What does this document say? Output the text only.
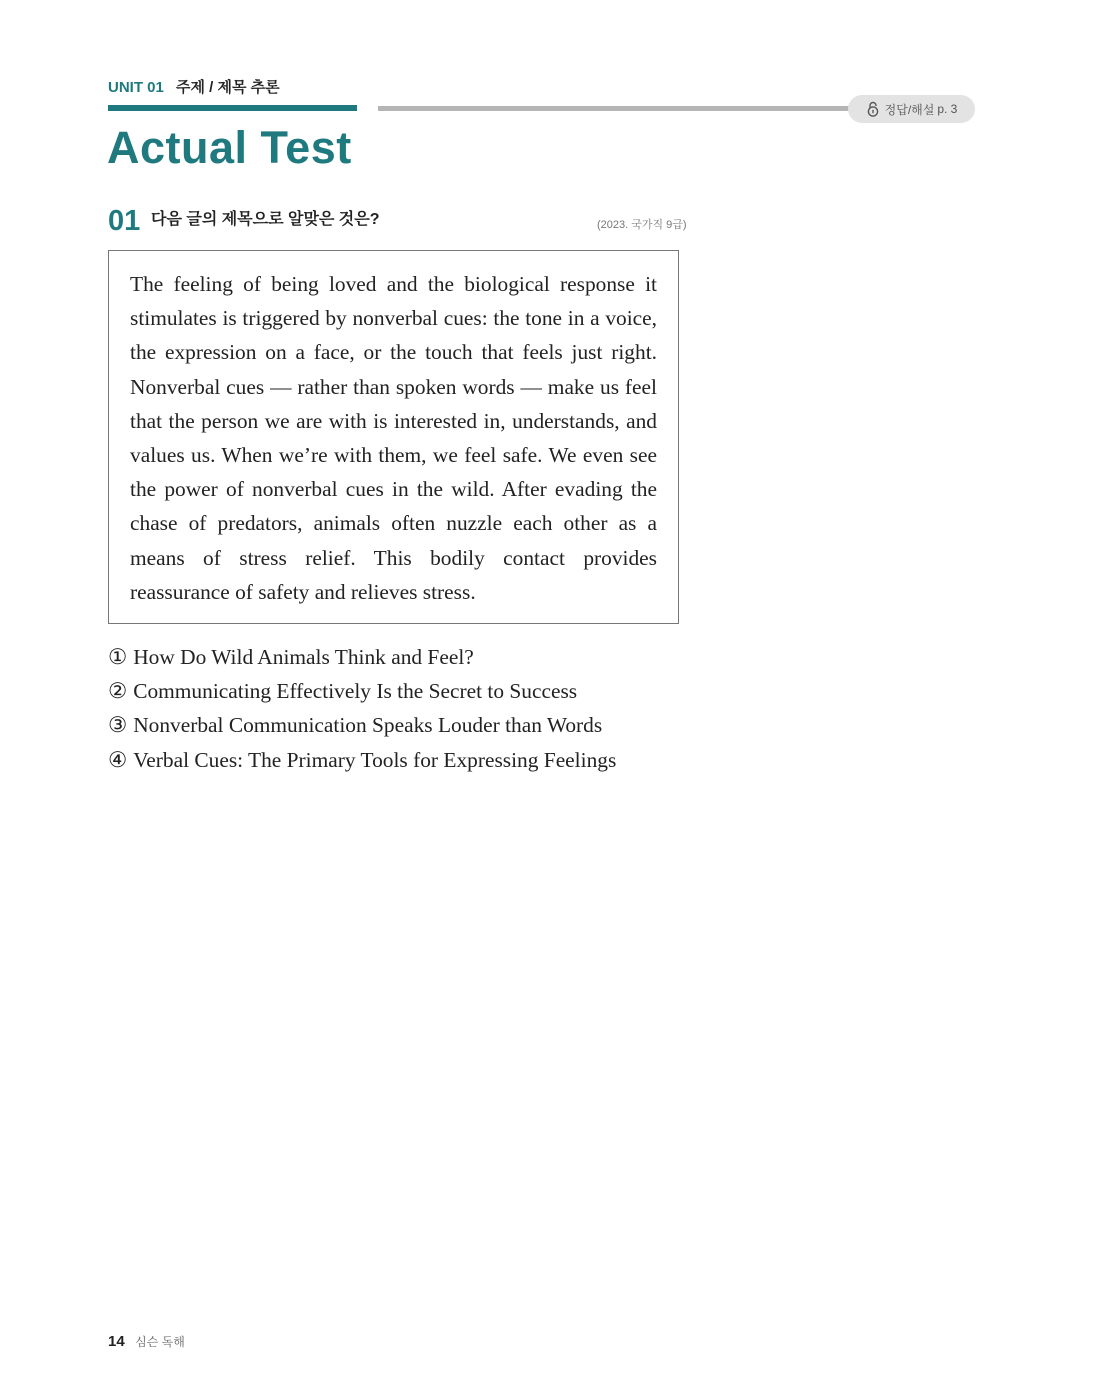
UNIT 01 주제 / 제목 추론
정답/해설 p. 3
Actual Test
01 다음 글의 제목으로 알맞은 것은?	(2023. 국가직 9급)

The feeling of being loved and the biological response it stimulates is triggered by nonverbal cues: the tone in a voice, the expression on a face, or the touch that feels just right. Nonverbal cues — rather than spoken words — make us feel that the person we are with is interested in, understands, and values us. When we’re with them, we feel safe. We even see the power of nonverbal cues in the wild. After evading the chase of predators, animals often nuzzle each other as a means of stress relief. This bodily contact provides reassurance of safety and relieves stress.

① How Do Wild Animals Think and Feel?
② Communicating Effectively Is the Secret to Success
③ Nonverbal Communication Speaks Louder than Words
④ Verbal Cues: The Primary Tools for Expressing Feelings
14 심슨 독해
